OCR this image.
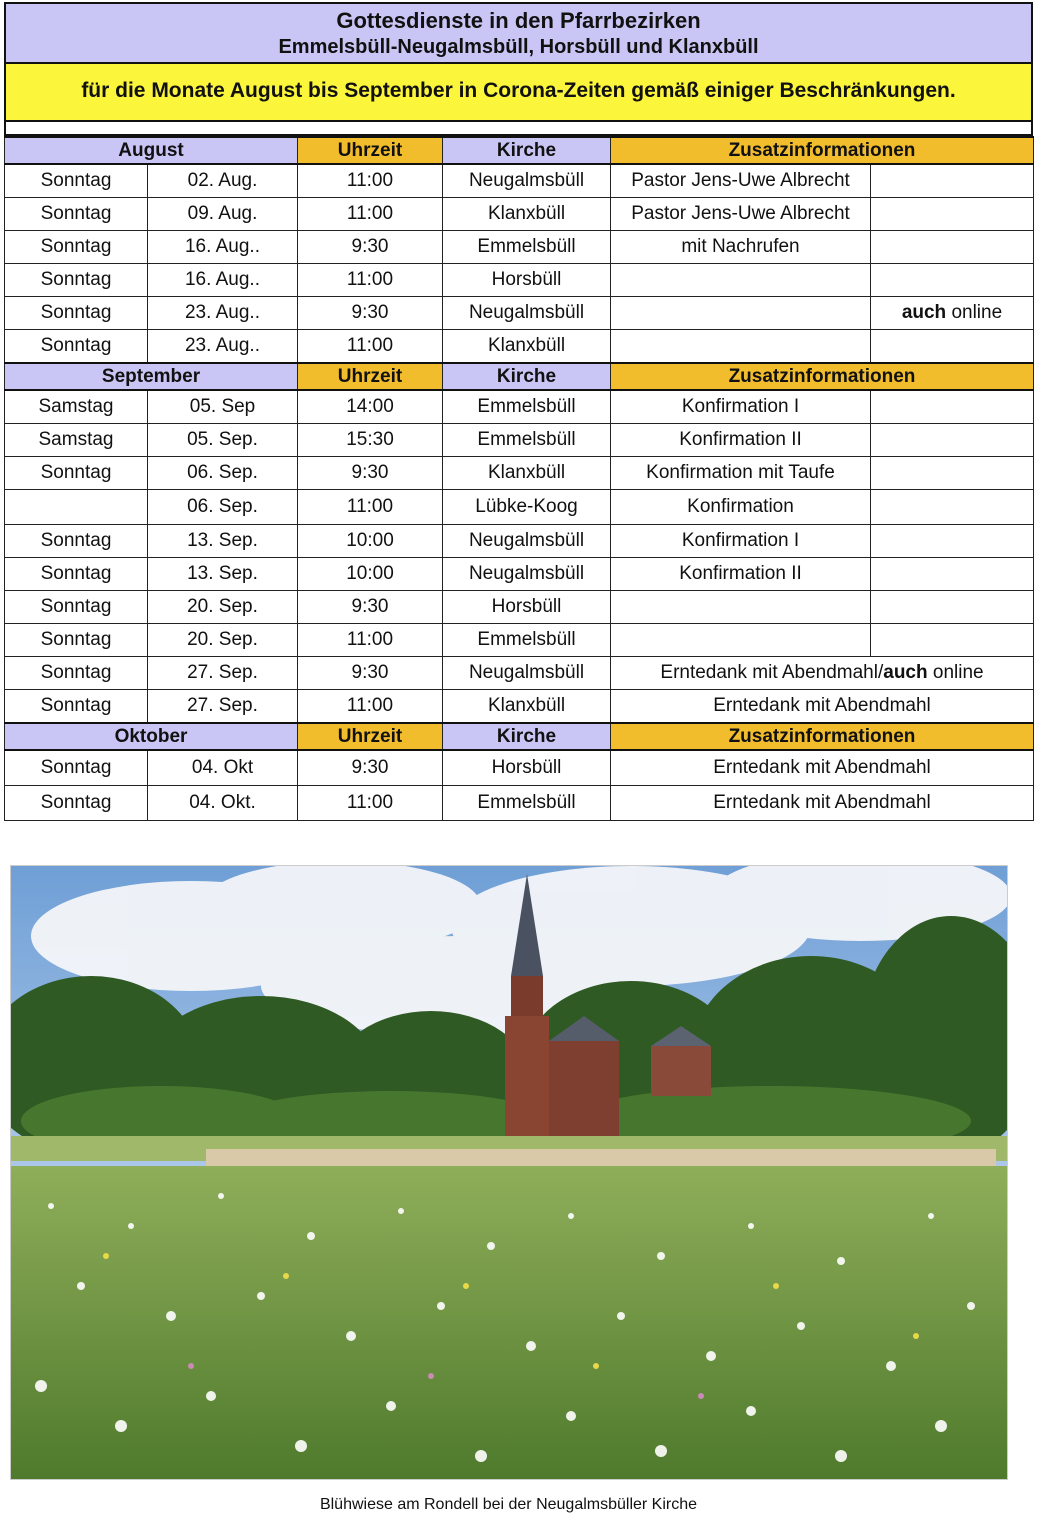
Gottesdienste in den Pfarrbezirken
Emmelsbüll-Neugalmsbüll, Horsbüll und Klanxbüll
für die Monate August bis September in Corona-Zeiten gemäß einiger Beschränkungen.
August		Uhrzeit	Kirche	Zusatzinformationen	
Sonntag	02. Aug.	11:00	Neugalmsbüll	Pastor Jens-Uwe Albrecht	
Sonntag	09. Aug.	11:00	Klanxbüll	Pastor Jens-Uwe Albrecht	
Sonntag	16. Aug..	9:30	Emmelsbüll	mit Nachrufen	
Sonntag	16. Aug..	11:00	Horsbüll		
Sonntag	23. Aug..	9:30	Neugalmsbüll		auch online
Sonntag	23. Aug..	11:00	Klanxbüll		
September		Uhrzeit	Kirche	Zusatzinformationen	
Samstag	05. Sep	14:00	Emmelsbüll	Konfirmation I	
Samstag	05. Sep.	15:30	Emmelsbüll	Konfirmation II	
Sonntag	06. Sep.	9:30	Klanxbüll	Konfirmation mit Taufe	
	06. Sep.	11:00	Lübke-Koog	Konfirmation	
Sonntag	13. Sep.	10:00	Neugalmsbüll	Konfirmation I	
Sonntag	13. Sep.	10:00	Neugalmsbüll	Konfirmation II	
Sonntag	20. Sep.	9:30	Horsbüll		
Sonntag	20. Sep.	11:00	Emmelsbüll		
Sonntag	27. Sep.	9:30	Neugalmsbüll	Erntedank mit Abendmahl/auch online	
Sonntag	27. Sep.	11:00	Klanxbüll	Erntedank mit Abendmahl	
Oktober		Uhrzeit	Kirche	Zusatzinformationen	
Sonntag	04. Okt	9:30	Horsbüll	Erntedank mit Abendmahl	
Sonntag	04. Okt.	11:00	Emmelsbüll	Erntedank mit Abendmahl	
Blühwiese am Rondell bei der Neugalmsbüller Kirche
